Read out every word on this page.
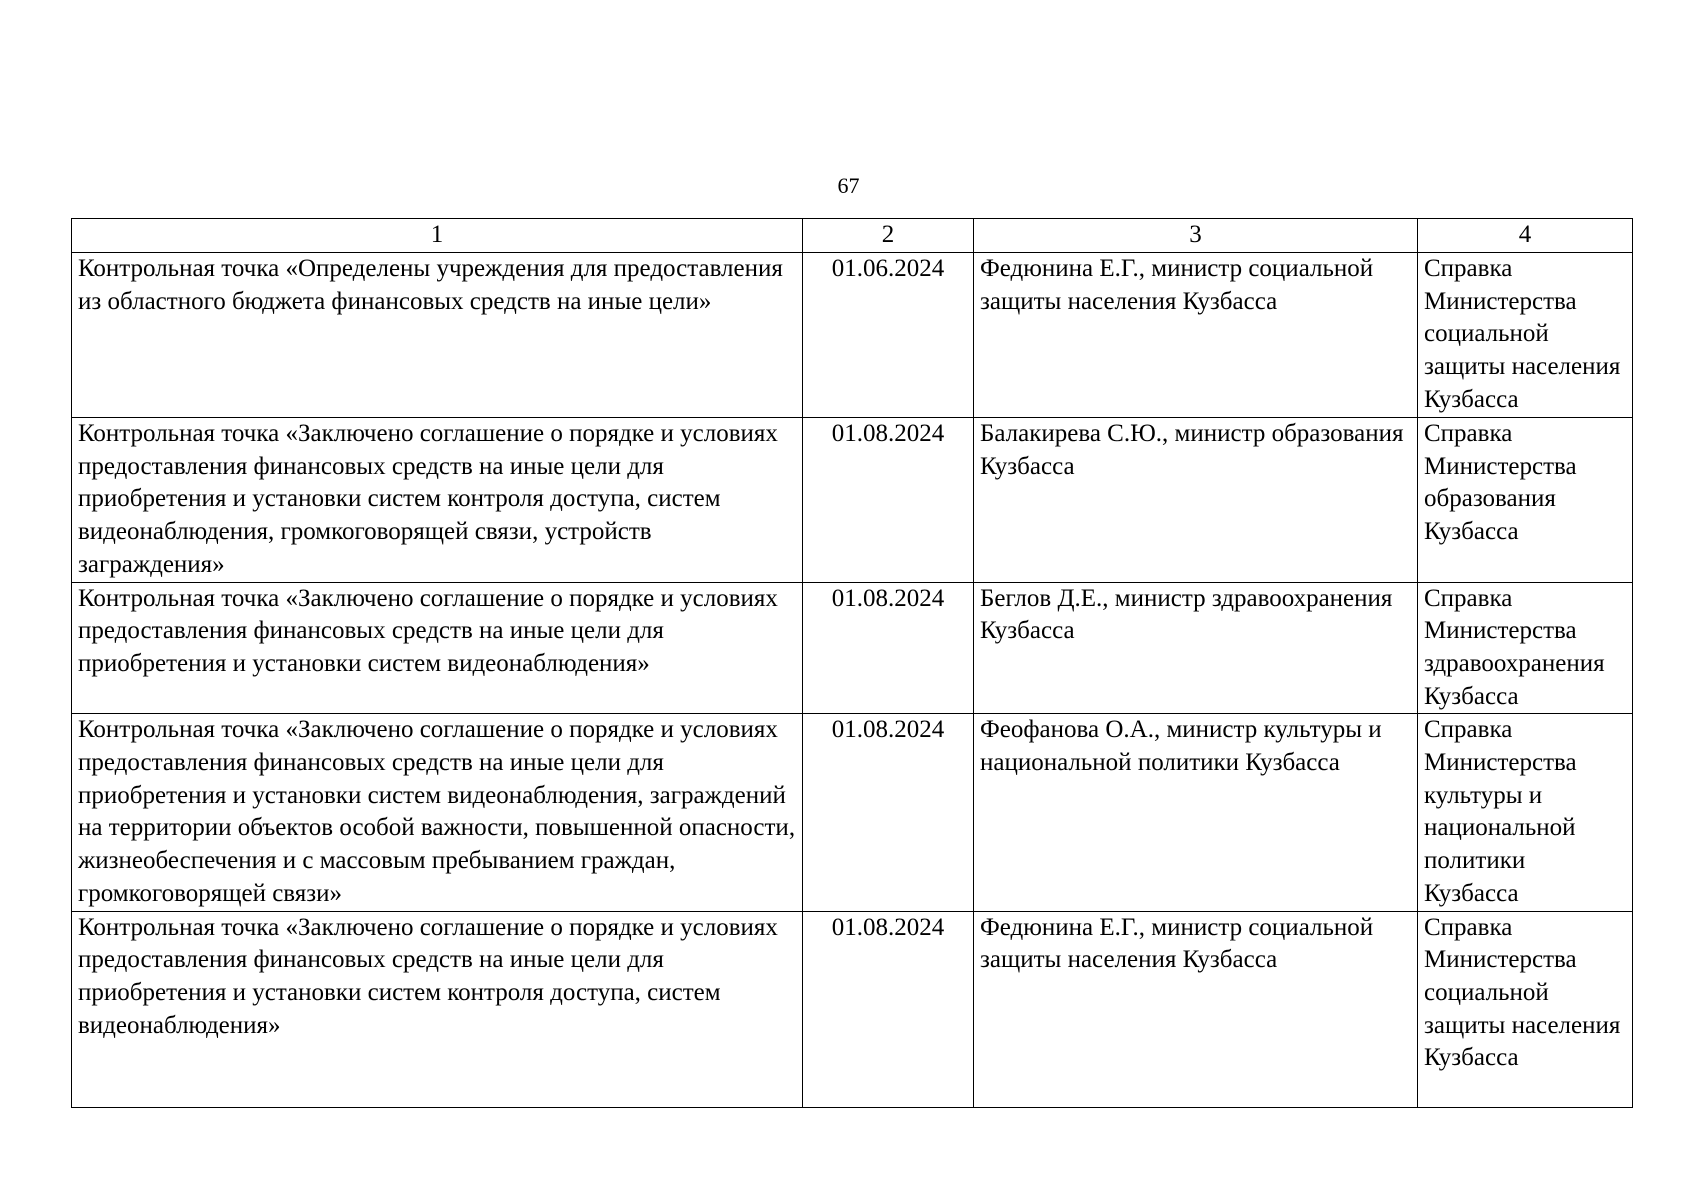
67
1	2	3	4
Контрольная точка «Определены учреждения для предоставления из областного бюджета финансовых средств на иные цели»	01.06.2024	Федюнина Е.Г., министр социальной защиты населения Кузбасса	Справка Министерства социальной защиты населения Кузбасса
Контрольная точка «Заключено соглашение о порядке и условиях предоставления финансовых средств на иные цели для приобретения и установки систем контроля доступа, систем видеонаблюдения, громкоговорящей связи, устройств заграждения»	01.08.2024	Балакирева С.Ю., министр образования Кузбасса	Справка Министерства образования Кузбасса
Контрольная точка «Заключено соглашение о порядке и условиях предоставления финансовых средств на иные цели для приобретения и установки систем видеонаблюдения»	01.08.2024	Беглов Д.Е., министр здравоохранения Кузбасса	Справка Министерства здравоохранения Кузбасса
Контрольная точка «Заключено соглашение о порядке и условиях предоставления финансовых средств на иные цели для приобретения и установки систем видеонаблюдения, заграждений на территории объектов особой важности, повышенной опасности, жизнеобеспечения и с массовым пребыванием граждан, громкоговорящей связи»	01.08.2024	Феофанова О.А., министр культуры и национальной политики Кузбасса	Справка Министерства культуры и национальной политики Кузбасса
Контрольная точка «Заключено соглашение о порядке и условиях предоставления финансовых средств на иные цели для приобретения и установки систем контроля доступа, систем видеонаблюдения»	01.08.2024	Федюнина Е.Г., министр социальной защиты населения Кузбасса	Справка Министерства социальной защиты населения Кузбасса
